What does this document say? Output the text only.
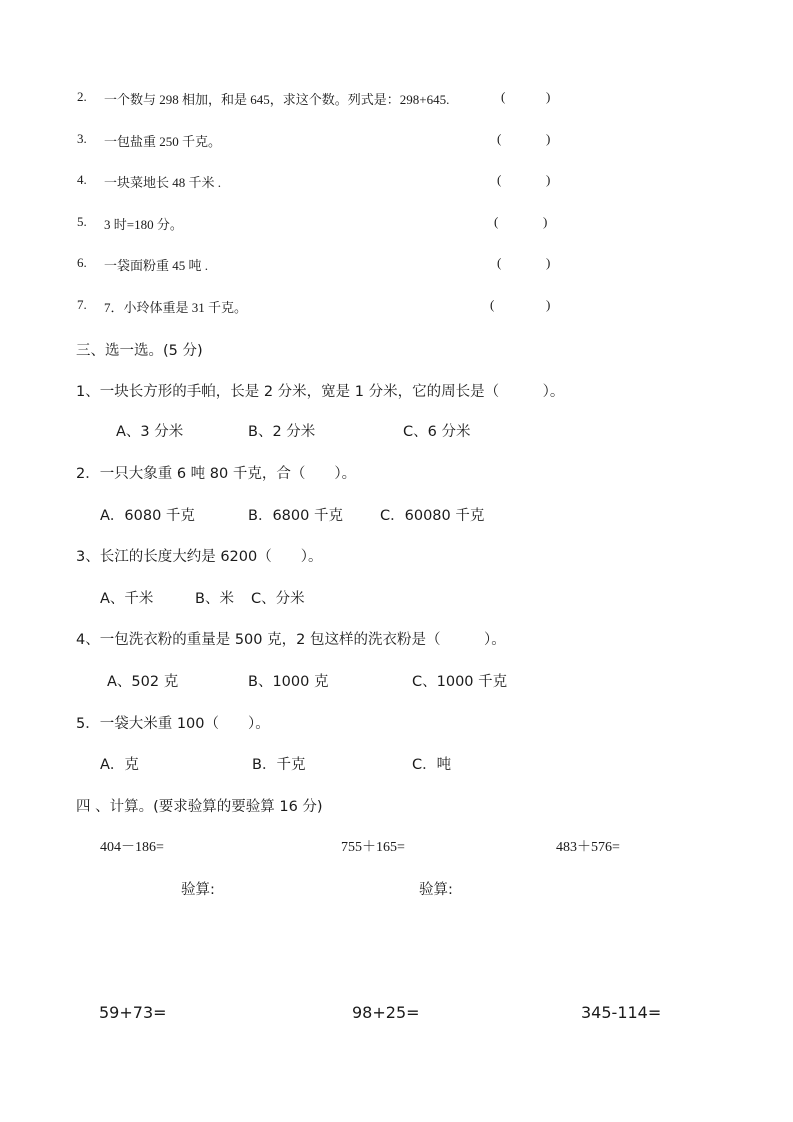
2. 一个数与 298 相加，和是 645，求这个数。列式是：298+645.	(	)
3. 一包盐重 250 千克。	(	)
4. 一块菜地长 48 千米 .	(	)
5. 3 时=180 分。	(	)
6. 一袋面粉重 45 吨 .	(	)
7. 7．小玲体重是 31 千克。	(	)
三、选一选。(5 分)
1、一块长方形的手帕，长是 2 分米，宽是 1 分米，它的周长是（　　　）。
A、3 分米	B、2 分米	C、6 分米
2．一只大象重 6 吨 80 千克，合（　　）。
A．6080 千克	B．6800 千克	C．60080 千克
3、长江的长度大约是 6200（　　）。
A、千米	B、米 C、分米
4、一包洗衣粉的重量是 500 克，2 包这样的洗衣粉是（　　　）。
A、502 克	B、1000 克	C、1000 千克
5．一袋大米重 100（　　）。
A．克	B．千克	C．吨
四 、计算。(要求验算的要验算 16 分)
404－186=	755＋165=	483＋576=
验算:	验算:
59+73=	98+25=	345-114=
